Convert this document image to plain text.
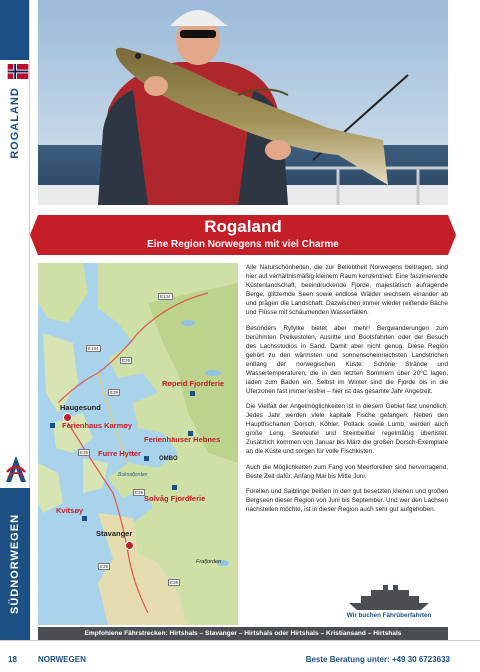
ROGALAND
SÜDNORWEGEN
Rogaland
Eine Region Norwegens mit viel Charme
E134
E39
E134
E39
E39
E39
E39
E39
Haugesund
Ferienhaus Karmøy
Røpeid Fjordferie
Ferienhäuser Hebnes
Furre Hytter
OMBO
Boknafjorden
Solvåg Fjordferie
Kvitsøy
Stavanger
Frafjorden

Alle Naturschönheiten, die zur Beliebtheit Norwegens beitragen, sind hier auf verhältnismäßig kleinem Raum konzentriert: Eine faszinierende Küstenlandschaft, beeindruckende Fjorde, majestätisch aufragende Berge, glitzernde Seen sowie endlose Wälder wechseln einander ab und prägen die Landschaft. Dazwischen immer wieder reißende Bäche und Flüsse mit schäumenden Wasserfällen.

Besonders Ryfylke bietet aber mehr! Bergwanderungen zum berühmten Preikestolen, Ausritte und Bootsfahrten oder der Besuch des Lachsstudios in Sand. Damit aber nicht genug. Diese Region gehört zu den wärmsten und sonnenscheinreichsten Landstrichen entlang der norwegischen Küste. Schöne Strände und Wassertemperaturen, die in den letzten Sommern über 20°C lagen, laden zum Baden ein. Selbst im Winter sind die Fjorde bis in die Uferzonen fast immer eisfrei – hier ist das gesamte Jahr Angelzeit.

Die Vielfalt der Angelmöglichkeiten ist in diesem Gebiet fast unendlich. Jedes Jahr werden viele kapitale Fische gefangen. Neben den Hauptfischarten Dorsch, Köhler, Pollack sowie Lumb, werden auch große Leng, Seeteufel und Steinbeißer regelmäßig überlistet. Zusätzlich kommen von Januar bis März die großen Dorsch-Exemplare an die Küste und sorgen für volle Fischkisten.

Auch die Möglichkeiten zum Fang von Meerforellen sind hervorragend. Beste Zeit dafür: Anfang Mai bis Mitte Juni.

Forellen und Saiblinge beißen in den gut besetzten kleinen und großen Bergseen dieser Region von Juni bis September. Und wer den Lachsen nachstellen möchte, ist in dieser Region auch sehr gut aufgehoben.

Wir buchen Fährüberfahrten
Empfohlene Fährstrecken: Hirtshals – Stavanger – Hirtshals oder Hirtshals – Kristiansand – Hirtshals
18	NORWEGEN	Beste Beratung unter: +49 30 6723633
